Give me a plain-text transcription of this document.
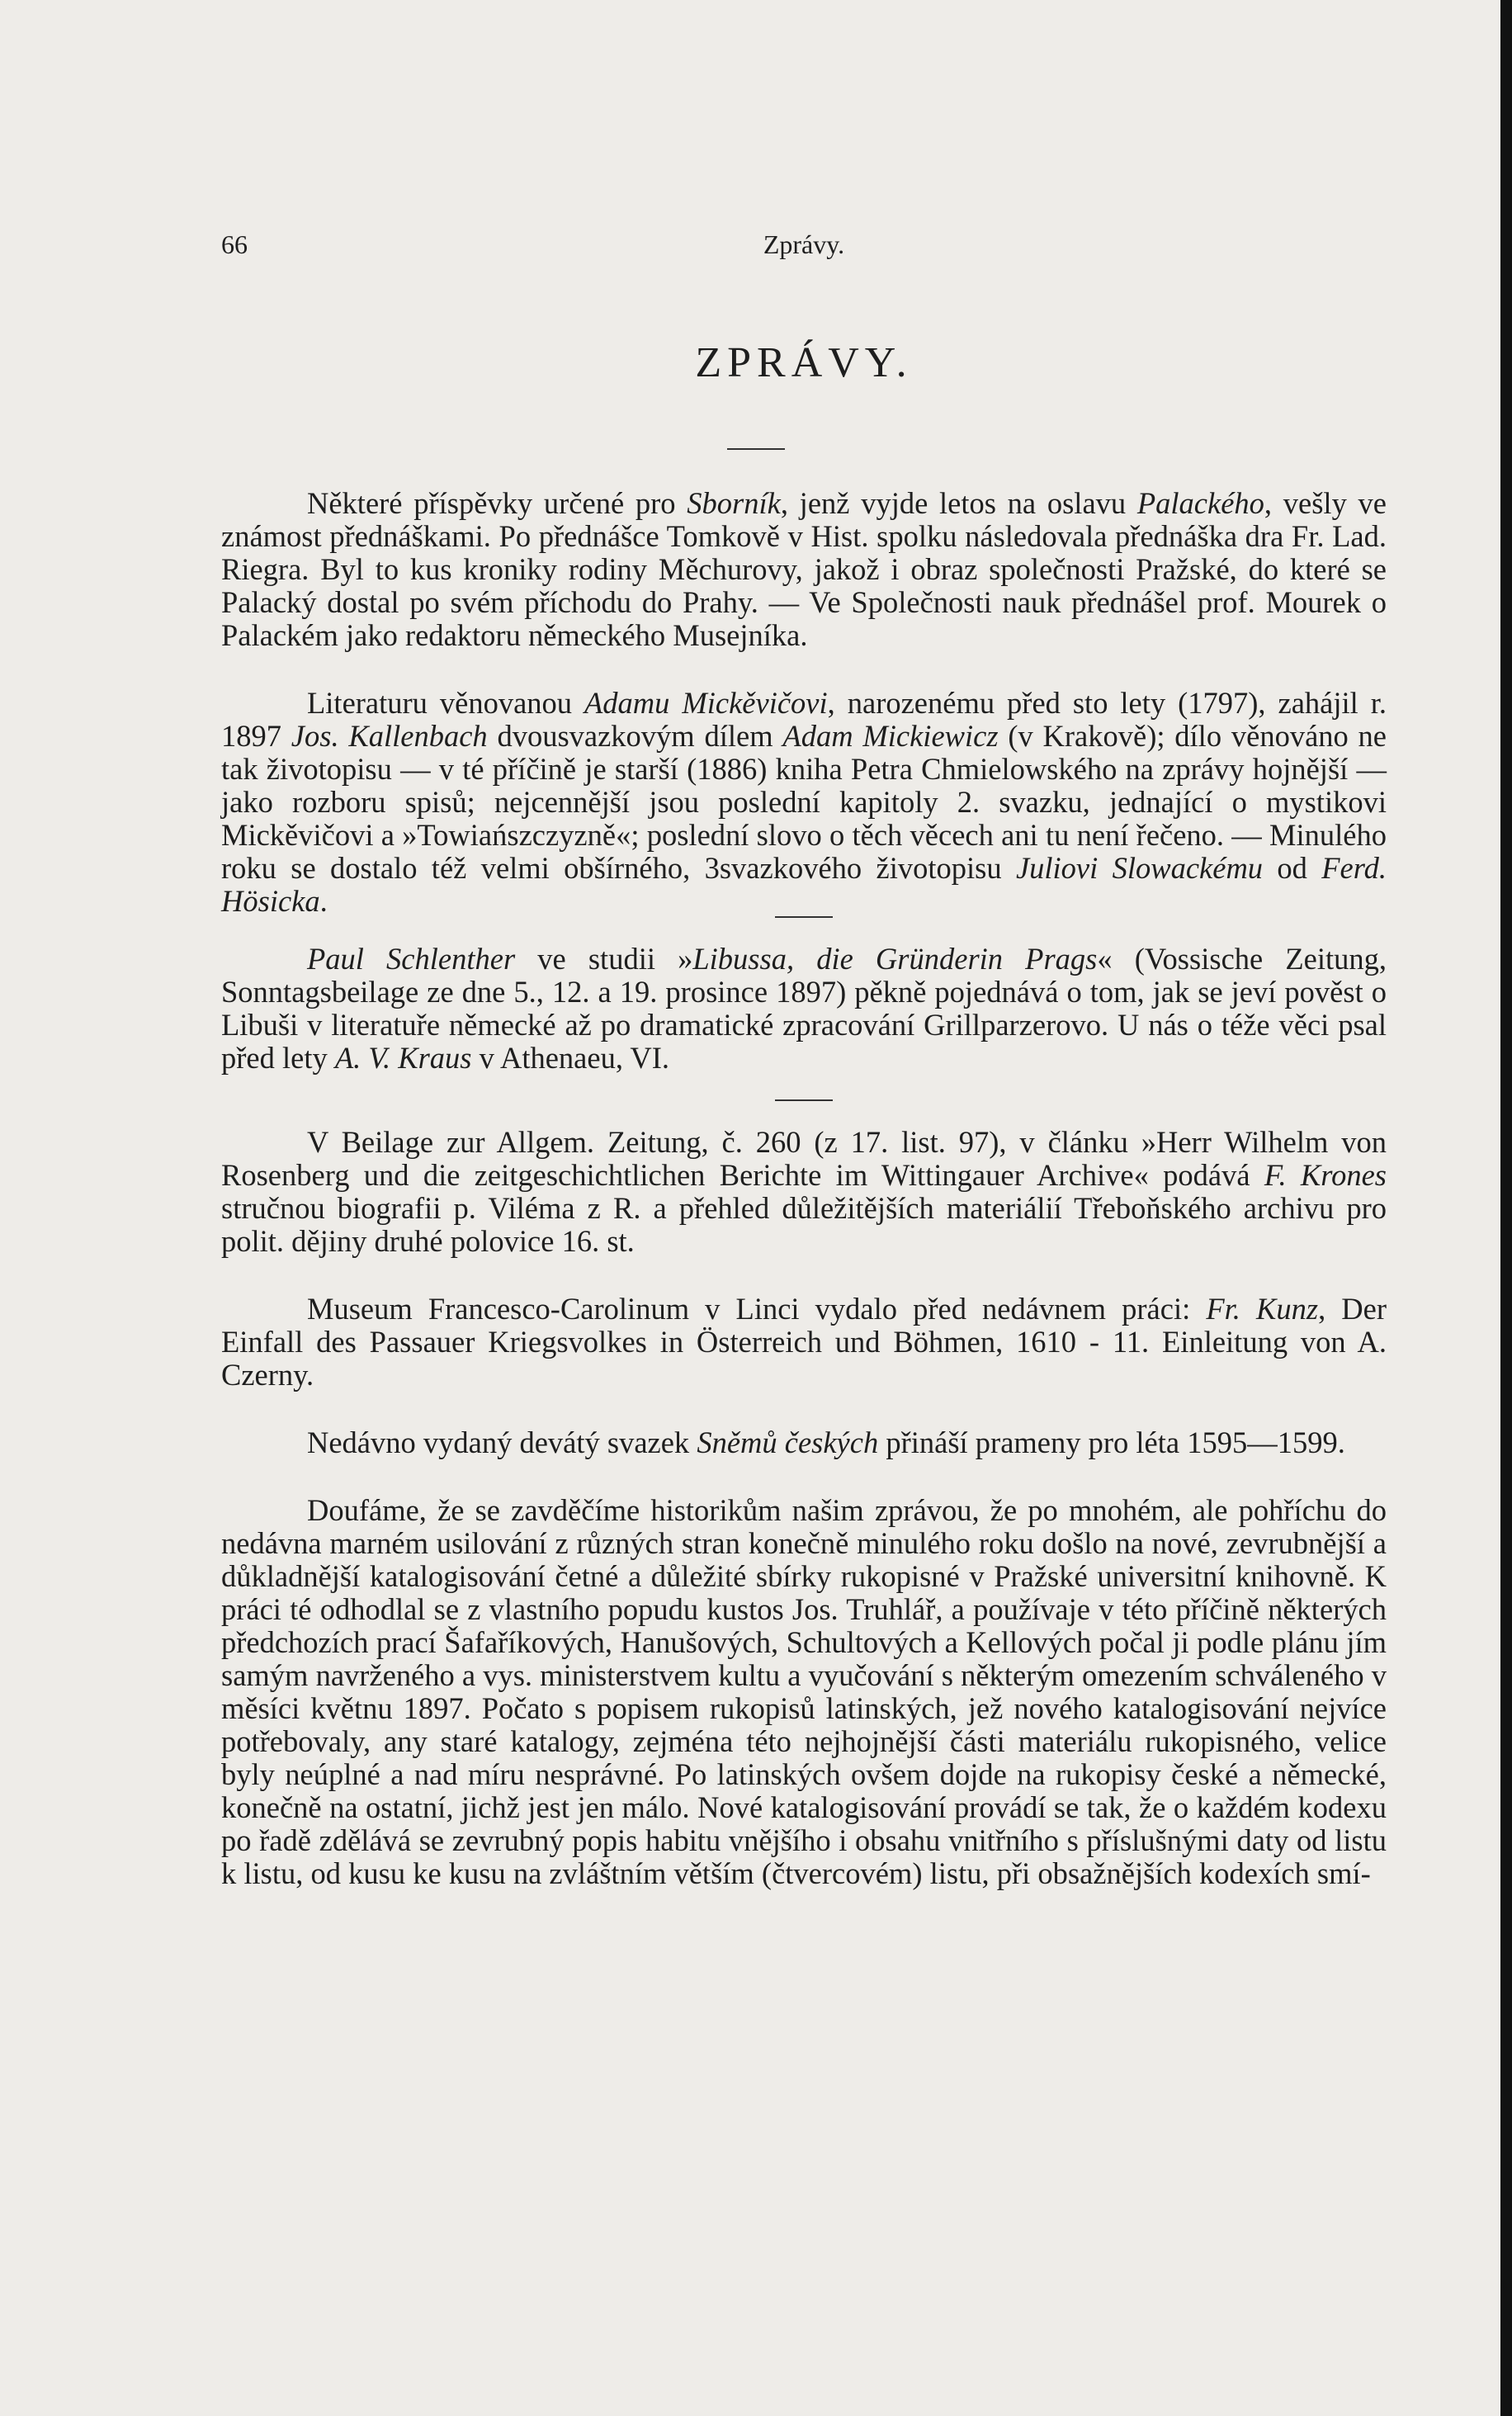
66	Zprávy.
ZPRÁVY.

Některé příspěvky určené pro Sborník, jenž vyjde letos na oslavu Palackého, vešly ve známost přednáškami. Po přednášce Tomkově v Hist. spolku následovala přednáška dra Fr. Lad. Riegra. Byl to kus kroniky rodiny Měchurovy, jakož i obraz společnosti Pražské, do které se Palacký dostal po svém příchodu do Prahy. — Ve Společnosti nauk přednášel prof. Mourek o Palackém jako redaktoru německého Musejníka.

Literaturu věnovanou Adamu Mickěvičovi, narozenému před sto lety (1797), zahájil r. 1897 Jos. Kallenbach dvousvazkovým dílem Adam Mickiewicz (v Krakově); dílo věnováno ne tak životopisu — v té příčině je starší (1886) kniha Petra Chmielowského na zprávy hojnější — jako rozboru spisů; nejcennější jsou poslední kapitoly 2. svazku, jednající o mystikovi Mickěvičovi a »Towiańszczyzně«; poslední slovo o těch věcech ani tu není řečeno. — Minulého roku se dostalo též velmi obšírného, 3svazkového životopisu Juliovi Slowackému od Ferd. Hösicka.

Paul Schlenther ve studii »Libussa, die Gründerin Prags« (Vossische Zeitung, Sonntagsbeilage ze dne 5., 12. a 19. prosince 1897) pěkně pojednává o tom, jak se jeví pověst o Libuši v literatuře německé až po dramatické zpracování Grillparzerovo. U nás o téže věci psal před lety A. V. Kraus v Athenaeu, VI.

V Beilage zur Allgem. Zeitung, č. 260 (z 17. list. 97), v článku »Herr Wilhelm von Rosenberg und die zeitgeschichtlichen Berichte im Wittingauer Archive« podává F. Krones stručnou biografii p. Viléma z R. a přehled důležitějších materiálií Třeboňského archivu pro polit. dějiny druhé polovice 16. st.

Museum Francesco-Carolinum v Linci vydalo před nedávnem práci: Fr. Kunz, Der Einfall des Passauer Kriegsvolkes in Österreich und Böhmen, 1610 - 11. Einleitung von A. Czerny.

Nedávno vydaný devátý svazek Sněmů českých přináší prameny pro léta 1595—1599.

Doufáme, že se zavděčíme historikům našim zprávou, že po mnohém, ale pohříchu do nedávna marném usilování z různých stran konečně minulého roku došlo na nové, zevrubnější a důkladnější katalogisování četné a důležité sbírky rukopisné v Pražské universitní knihovně. K práci té odhodlal se z vlastního popudu kustos Jos. Truhlář, a používaje v této příčině některých předchozích prací Šafaříkových, Hanušových, Schultových a Kellových počal ji podle plánu jím samým navrženého a vys. ministerstvem kultu a vyučování s některým omezením schváleného v měsíci květnu 1897. Počato s popisem rukopisů latinských, jež nového katalogisování nejvíce potřebovaly, any staré katalogy, zejména této nejhojnější části materiálu rukopisného, velice byly neúplné a nad míru nesprávné. Po latinských ovšem dojde na rukopisy české a německé, konečně na ostatní, jichž jest jen málo. Nové katalogisování provádí se tak, že o každém kodexu po řadě zdělává se zevrubný popis habitu vnějšího i obsahu vnitřního s příslušnými daty od listu k listu, od kusu ke kusu na zvláštním větším (čtvercovém) listu, při obsažnějších kodexích smí-
